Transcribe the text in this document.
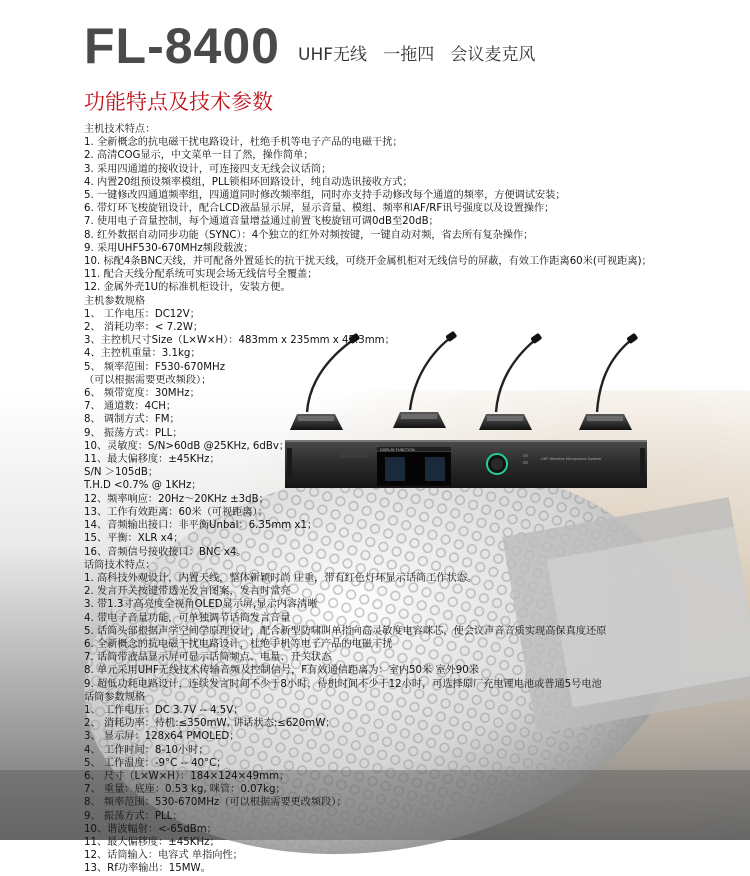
FL-8400 UHF无线   一拖四   会议麦克风
功能特点及技术参数
DISPLAY FUNCTION
UHF Wireless Microphone System
主机技术特点：
1. 全新概念的抗电磁干扰电路设计，杜绝手机等电子产品的电磁干扰；
2. 高清COG显示，中文菜单一目了然，操作简单；
3. 采用四通道的接收设计，可连接四支无线会议话筒；
4. 内置20组预设频率模组，PLL锁相环回路设计，纯自动选讯接收方式；
5. 一键修改四通道频率组，四通道同时修改频率组，同时亦支持手动修改每个通道的频率，方便调试安装；
6. 带灯环飞梭旋钮设计，配合LCD液晶显示屏，显示音量、模组、频率和AF/RF讯号强度以及设置操作；
7. 使用电子音量控制，每个通道音量增益通过前置飞梭旋钮可调0dB至20dB；
8. 红外数据自动同步功能（SYNC）：4个独立的红外对频按键，一键自动对频，省去所有复杂操作；
9. 采用UHF530-670MHz频段载波；
10. 标配4条BNC天线，并可配备外置延长的抗干扰天线，可绕开金属机柜对无线信号的屏蔽，有效工作距离60米(可视距离)；
11. 配合天线分配系统可实现会场无线信号全覆盖；
12. 金属外壳1U的标准机柜设计，安装方便。
主机参数规格
1、 工作电压：DC12V；
2、 消耗功率：< 7.2W；
3、主控机尺寸Size（L×W×H）：483mm x 235mm x 45.3mm；
4、主控机重量：3.1kg；
5、 频率范围：F530-670MHz
（可以根据需要更改频段）；
6、 频带宽度：30MHz；
7、 通道数：4CH；
8、 调制方式：FM；
9、 振荡方式：PLL；
10、灵敏度：S/N>60dB @25KHz, 6dBv；
11、最大偏移度：±45KHz；
S/N ＞105dB；
T.H.D <0.7% @ 1KHz；
12、频率响应：20Hz～20KHz ±3dB；
13、工作有效距离：60米（可视距离）；
14、音频输出接口：非平衡Unbal：6.35mm x1；
15、平衡：XLR x4；
16、音频信号接收接口：BNC x4。
话筒技术特点：
1. 高科技外观设计，内置天线，整体新颖时尚 庄重，带有红色灯环显示话筒工作状态。
2. 发言开关按键带透光发言图案，发言时常亮
3. 带1.3寸高亮度全视角OLED显示屏,显示内容清晰
4. 带电子音量功能，可单独调节话筒发言音量
5. 话筒头部根据声学空间学原理设计，配合新型防啸叫单指向高灵敏度电容咪芯，使会议声音音质实现高保真度还原
6. 全新概念的抗电磁干扰电路设计，杜绝手机等电子产品的电磁干扰
7. 话筒带液晶显示屏可显示话筒频点、电量、开关状态
8. 单元采用UHF无线技术传输音频及控制信号，F有效通信距离为：室内50米 室外90米
9. 超低功耗电路设计，连续发言时间不少于8小时，待机时间不少于12小时，可选择原厂充电锂电池或普通5号电池
话筒参数规格
1、 工作电压：DC 3.7V -- 4.5V；
2、 消耗功率：待机:≤350mW, 讲话状态:≤620mW；
3、 显示屏：128x64 PMOLED；
4、 工作时间：8-10小时；
5、 工作温度：-9°C -- 40°C；
6、 尺寸（L×W×H）：184×124×49mm；
7、 重量：底座：0.53 kg, 咪管：0.07kg；
8、 频率范围：530-670MHz（可以根据需要更改频段）；
9、 振荡方式：PLL；
10、谐波幅射：<-65dBm；
11、最大偏移度：±45KHz；
12、话筒输入：电容式 单指向性；
13、Rf功率输出：15MW。
